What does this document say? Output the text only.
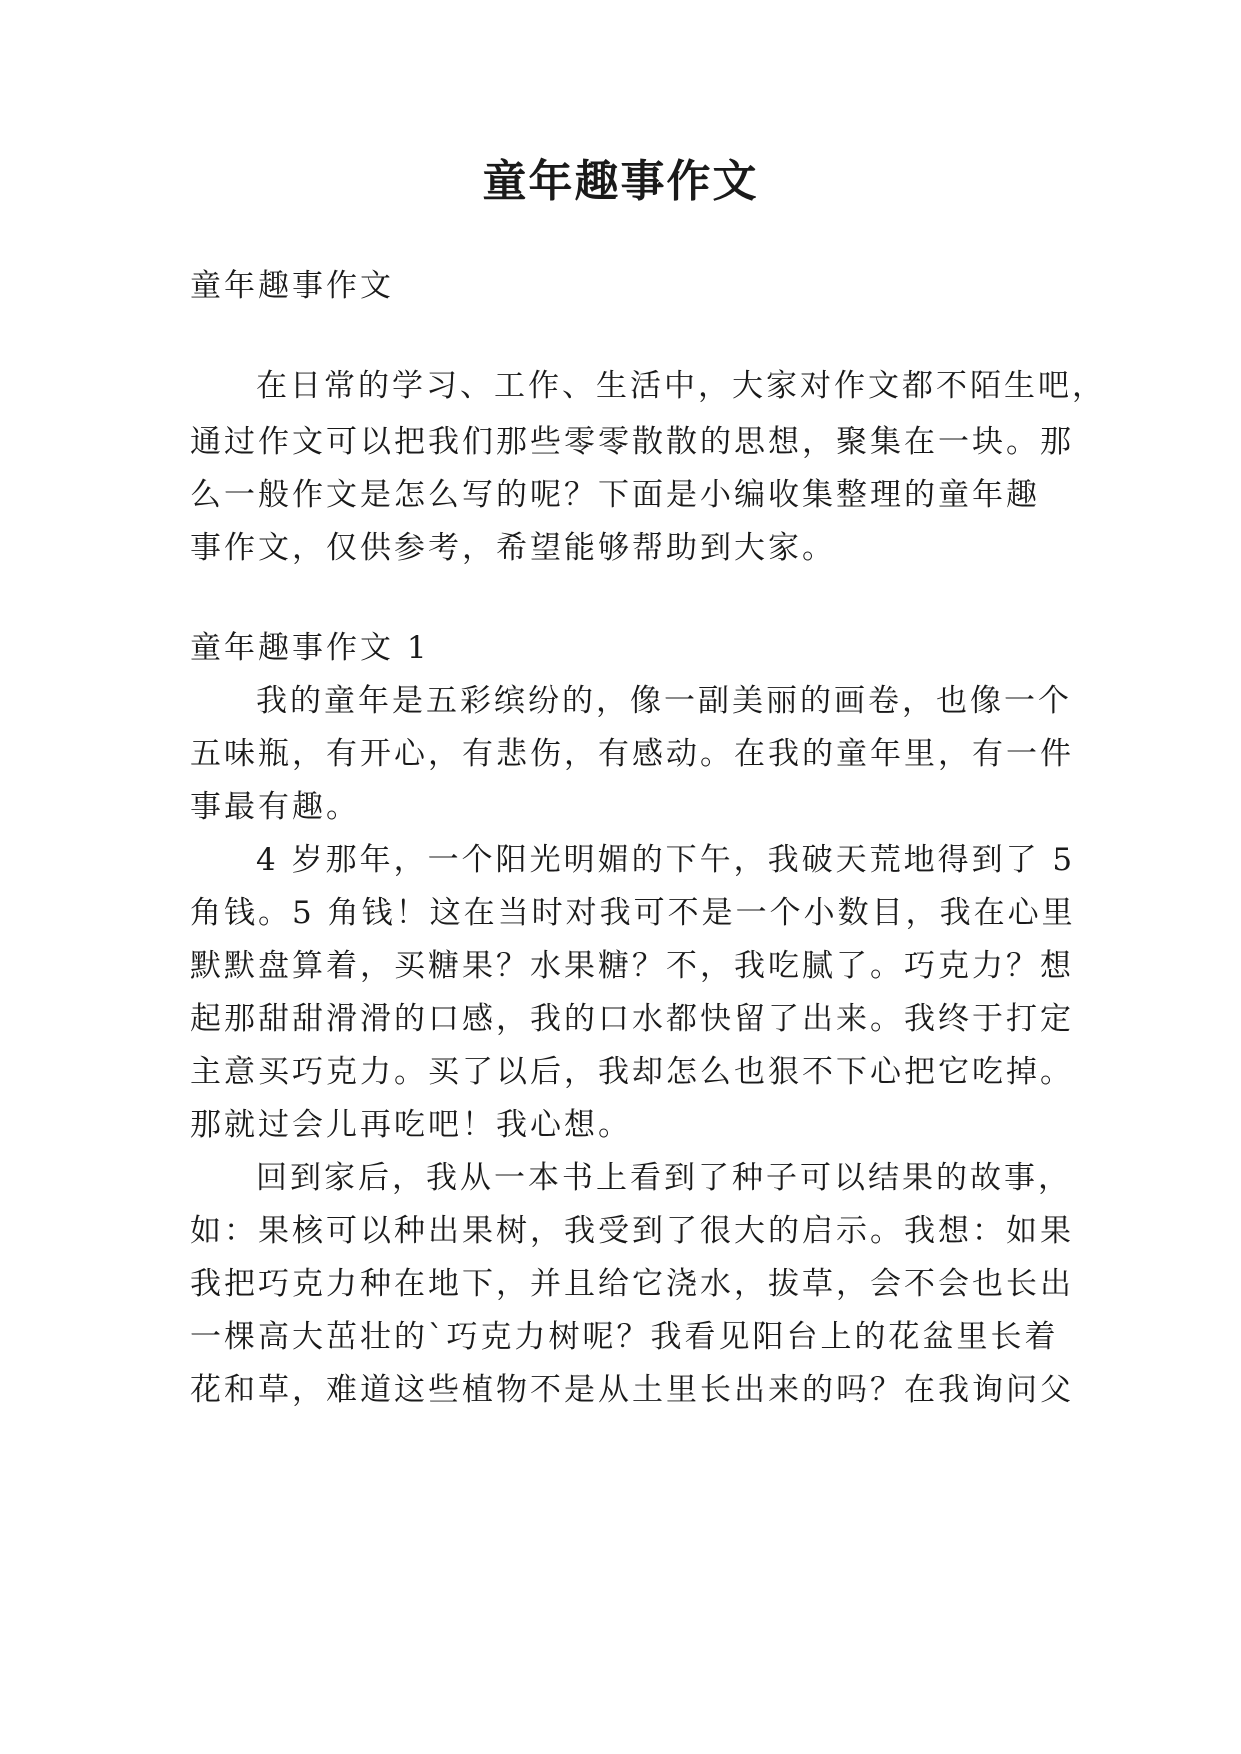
童年趣事作文
童年趣事作文
在日常的学习、工作、生活中，大家对作文都不陌生吧，
通过作文可以把我们那些零零散散的思想，聚集在一块。那
么一般作文是怎么写的呢？下面是小编收集整理的童年趣
事作文，仅供参考，希望能够帮助到大家。
童年趣事作文 1
我的童年是五彩缤纷的，像一副美丽的画卷，也像一个
五味瓶，有开心，有悲伤，有感动。在我的童年里，有一件
事最有趣。
4 岁那年，一个阳光明媚的下午，我破天荒地得到了 5
角钱。5 角钱！这在当时对我可不是一个小数目，我在心里
默默盘算着，买糖果？水果糖？不，我吃腻了。巧克力？想
起那甜甜滑滑的口感，我的口水都快留了出来。我终于打定
主意买巧克力。买了以后，我却怎么也狠不下心把它吃掉。
那就过会儿再吃吧！我心想。
回到家后，我从一本书上看到了种子可以结果的故事，
如：果核可以种出果树，我受到了很大的启示。我想：如果
我把巧克力种在地下，并且给它浇水，拔草，会不会也长出
一棵高大茁壮的`巧克力树呢？我看见阳台上的花盆里长着
花和草，难道这些植物不是从土里长出来的吗？在我询问父
